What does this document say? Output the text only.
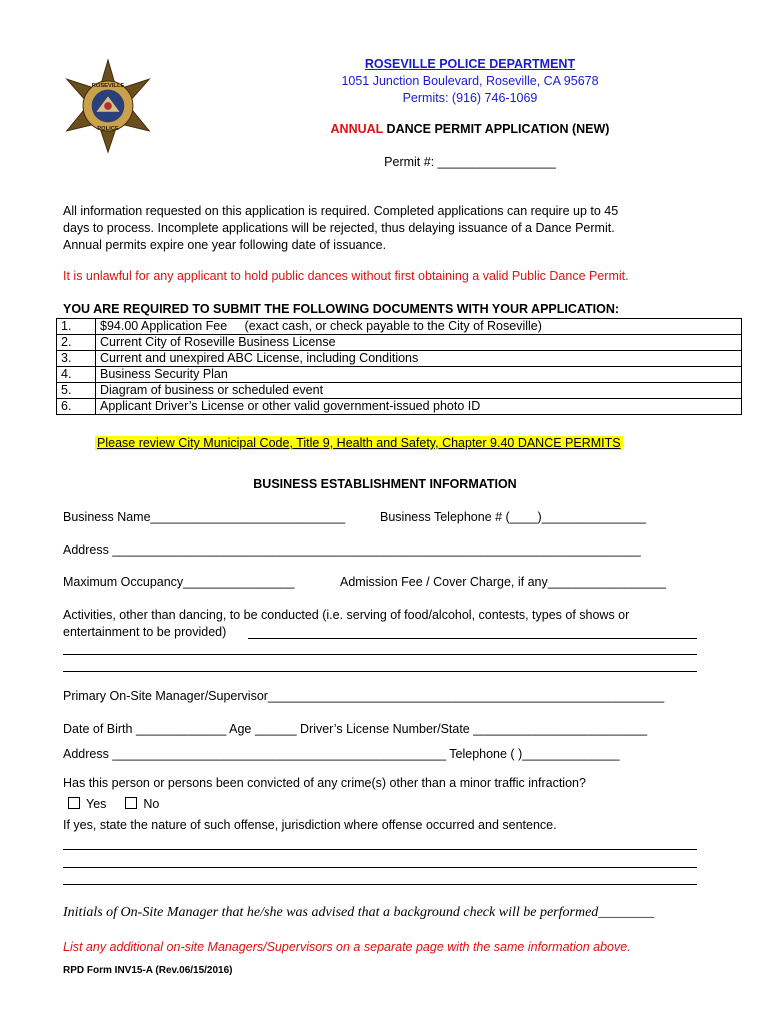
ROSEVILLE
POLICE
ROSEVILLE POLICE DEPARTMENT
1051 Junction Boulevard, Roseville, CA 95678
Permits: (916) 746-1069
ANNUAL DANCE PERMIT APPLICATION (NEW)
Permit #: _________________
All information requested on this application is required. Completed applications can require up to 45
days to process. Incomplete applications will be rejected, thus delaying issuance of a Dance Permit.
Annual permits expire one year following date of issuance.
It is unlawful for any applicant to hold public dances without first obtaining a valid Public Dance Permit.
YOU ARE REQUIRED TO SUBMIT THE FOLLOWING DOCUMENTS WITH YOUR APPLICATION:
1.	$94.00 Application Fee     (exact cash, or check payable to the City of Roseville)
2.	Current City of Roseville Business License
3.	Current and unexpired ABC License, including Conditions
4.	Business Security Plan
5.	Diagram of business or scheduled event
6.	Applicant Driver’s License or other valid government-issued photo ID
Please review City Municipal Code, Title 9, Health and Safety, Chapter 9.40 DANCE PERMITS
BUSINESS ESTABLISHMENT INFORMATION
Business Name____________________________	Business Telephone # (____)_______________
Address ____________________________________________________________________________
Maximum Occupancy________________	Admission Fee / Cover Charge, if any_________________
Activities, other than dancing, to be conducted (i.e. serving of food/alcohol, contests, types of shows or
entertainment to be provided)
Primary On-Site Manager/Supervisor_________________________________________________________
Date of Birth _____________ Age ______ Driver’s License Number/State _________________________
Address ________________________________________________ Telephone ( )______________
Has this person or persons been convicted of any crime(s) other than a minor traffic infraction?
Yes	No
If yes, state the nature of such offense, jurisdiction where offense occurred and sentence.
Initials of On-Site Manager that he/she was advised that a background check will be performed________
List any additional on-site Managers/Supervisors on a separate page with the same information above.
RPD Form INV15-A (Rev.06/15/2016)
